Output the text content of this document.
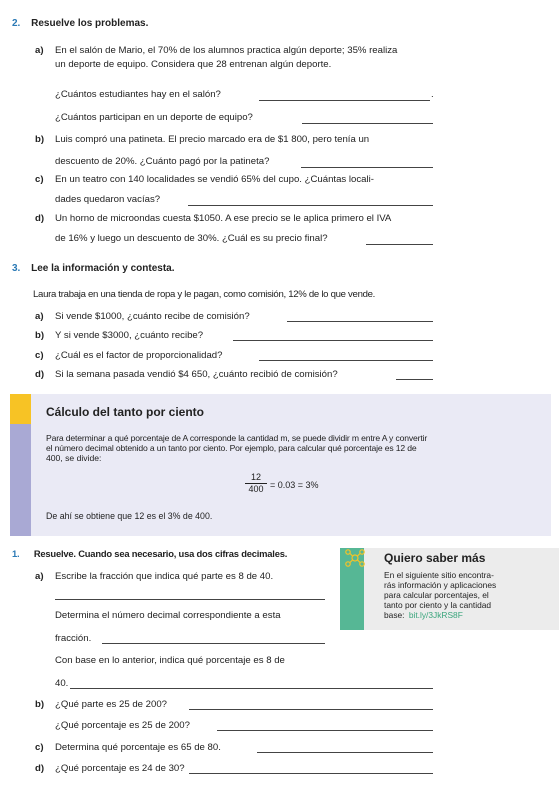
2. Resuelve los problemas.
a) En el salón de Mario, el 70% de los alumnos practica algún deporte; 35% realiza
un deporte de equipo. Considera que 28 entrenan algún deporte.
¿Cuántos estudiantes hay en el salón?	.
¿Cuántos participan en un deporte de equipo?
b) Luis compró una patineta. El precio marcado era de $1 800, pero tenía un
descuento de 20%. ¿Cuánto pagó por la patineta?
c) En un teatro con 140 localidades se vendió 65% del cupo. ¿Cuántas locali-
dades quedaron vacías?
d) Un horno de microondas cuesta $1050. A ese precio se le aplica primero el IVA
de 16% y luego un descuento de 30%. ¿Cuál es su precio final?
3. Lee la información y contesta.
Laura trabaja en una tienda de ropa y le pagan, como comisión, 12% de lo que vende.
a) Si vende $1000, ¿cuánto recibe de comisión?
b) Y si vende $3000, ¿cuánto recibe?
c) ¿Cuál es el factor de proporcionalidad?
d) Si la semana pasada vendió $4 650, ¿cuánto recibió de comisión?
Cálculo del tanto por ciento
Para determinar a qué porcentaje de A corresponde la cantidad m, se puede dividir m entre A y convertir
el número decimal obtenido a un tanto por ciento. Por ejemplo, para calcular qué porcentaje es 12 de
400, se divide:
$\frac{12}{400} = 0.03 = 3\%$
De ahí se obtiene que 12 es el 3% de 400.
1. Resuelve. Cuando sea necesario, usa dos cifras decimales.
a) Escribe la fracción que indica qué parte es 8 de 40.
Determina el número decimal correspondiente a esta
fracción.
Con base en lo anterior, indica qué porcentaje es 8 de
40.
b) ¿Qué parte es 25 de 200?
¿Qué porcentaje es 25 de 200?
c) Determina qué porcentaje es 65 de 80.
d) ¿Qué porcentaje es 24 de 30?
Quiero saber más
En el siguiente sitio encontra-
rás información y aplicaciones
para calcular porcentajes, el
tanto por ciento y la cantidad
base: bit.ly/3JkRS8F
